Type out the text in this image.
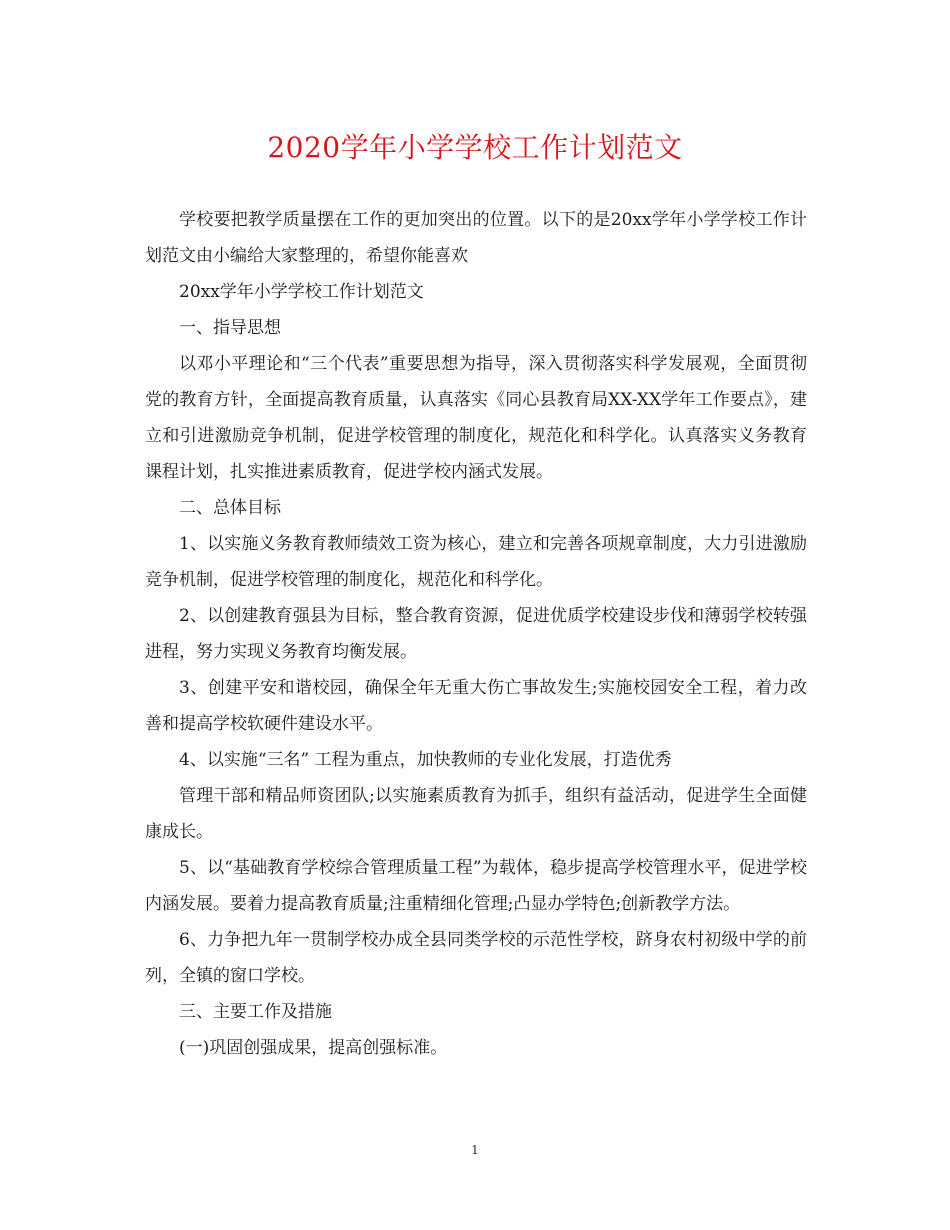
2020学年小学学校工作计划范文

学校要把教学质量摆在工作的更加突出的位置。以下的是20xx学年小学学校工作计划范文由小编给大家整理的，希望你能喜欢

20xx学年小学学校工作计划范文

一、指导思想

以邓小平理论和“三个代表”重要思想为指导，深入贯彻落实科学发展观，全面贯彻党的教育方针，全面提高教育质量，认真落实《同心县教育局XX-XX学年工作要点》，建立和引进激励竞争机制，促进学校管理的制度化，规范化和科学化。认真落实义务教育课程计划，扎实推进素质教育，促进学校内涵式发展。

二、总体目标

1、以实施义务教育教师绩效工资为核心，建立和完善各项规章制度，大力引进激励竞争机制，促进学校管理的制度化，规范化和科学化。

2、以创建教育强县为目标，整合教育资源，促进优质学校建设步伐和薄弱学校转强进程，努力实现义务教育均衡发展。

3、创建平安和谐校园，确保全年无重大伤亡事故发生;实施校园安全工程，着力改善和提高学校软硬件建设水平。

4、以实施“三名” 工程为重点，加快教师的专业化发展，打造优秀

管理干部和精品师资团队;以实施素质教育为抓手，组织有益活动，促进学生全面健康成长。

5、以“基础教育学校综合管理质量工程”为载体，稳步提高学校管理水平，促进学校内涵发展。要着力提高教育质量;注重精细化管理;凸显办学特色;创新教学方法。

6、力争把九年一贯制学校办成全县同类学校的示范性学校，跻身农村初级中学的前列，全镇的窗口学校。

三、主要工作及措施

(一)巩固创强成果，提高创强标准。

1
